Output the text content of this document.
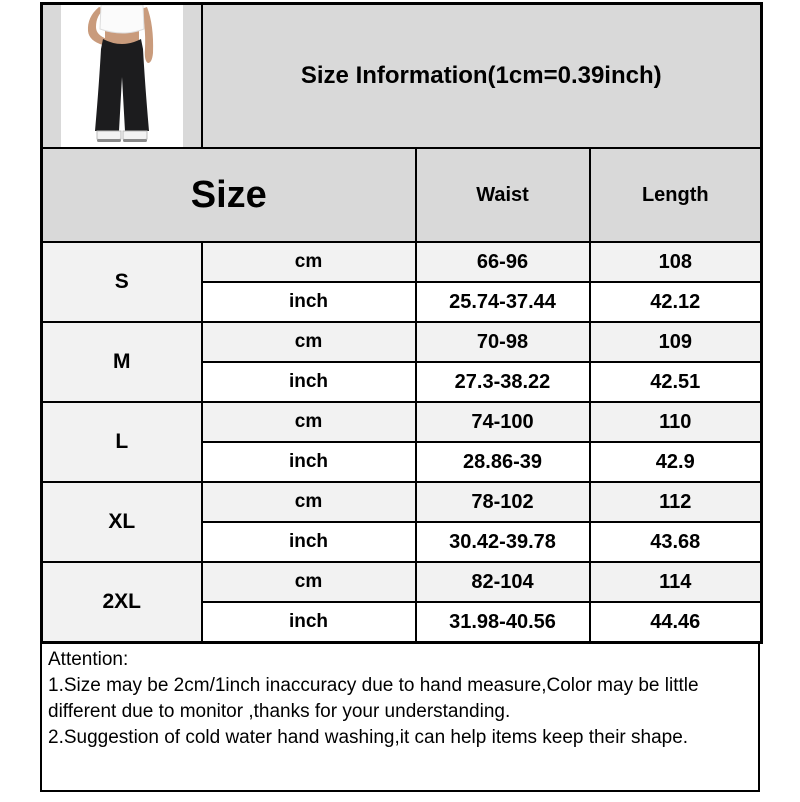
	Size Information(1cm=0.39inch)		
Size		Waist	Length
S	cm	66-96	108
	inch	25.74-37.44	42.12
M	cm	70-98	109
	inch	27.3-38.22	42.51
L	cm	74-100	110
	inch	28.86-39	42.9
XL	cm	78-102	112
	inch	30.42-39.78	43.68
2XL	cm	82-104	114
	inch	31.98-40.56	44.46

Attention:

1.Size may be 2cm/1inch inaccuracy due to hand measure,Color may be little different due to monitor ,thanks for your understanding.

2.Suggestion of cold water hand washing,it can help items keep their shape.
